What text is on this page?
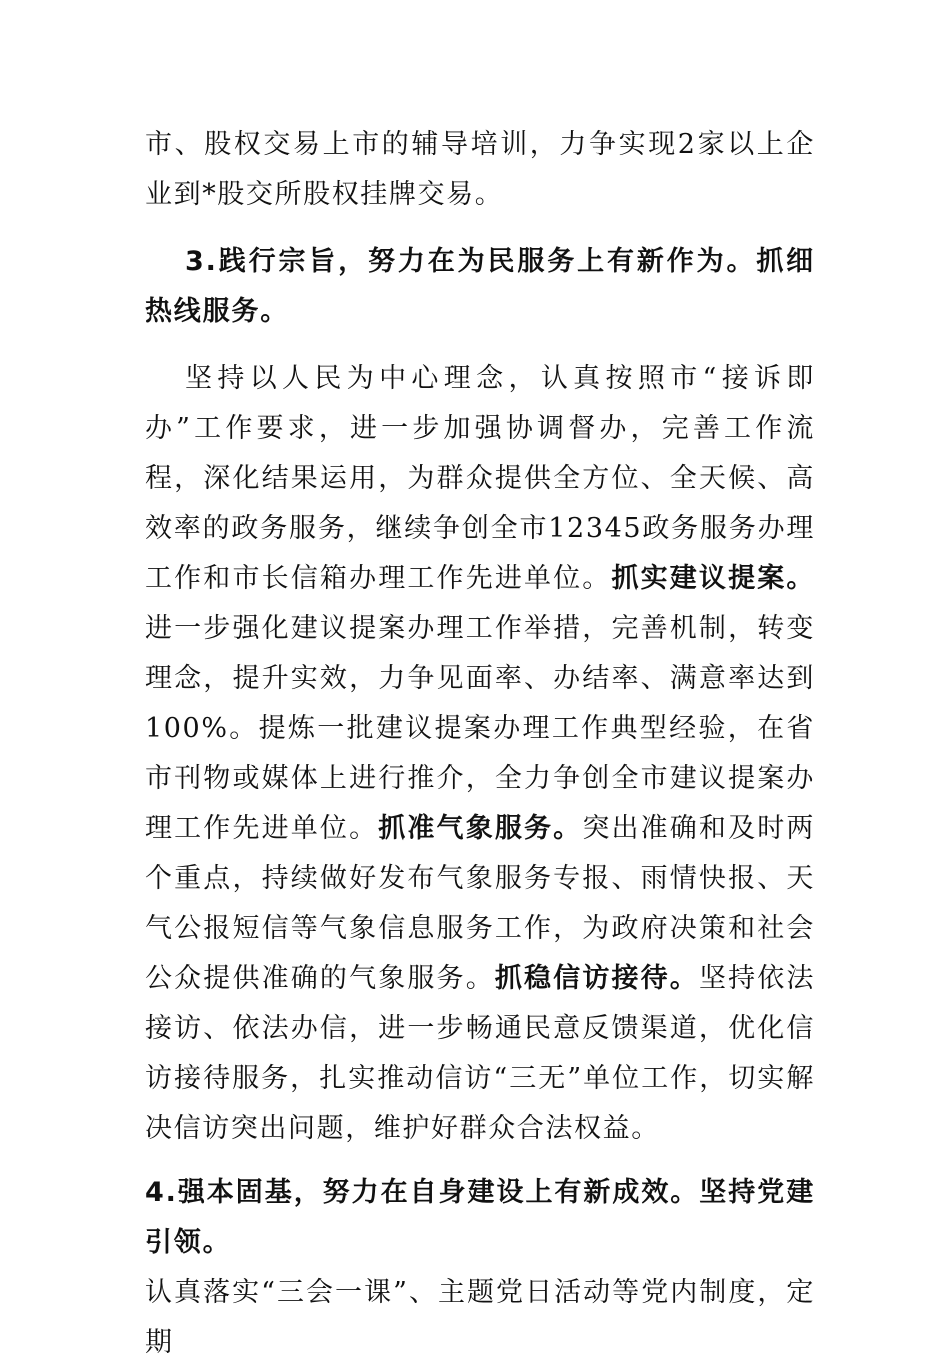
市、股权交易上市的辅导培训，力争实现2家以上企业到*股交所股权挂牌交易。

3.践行宗旨，努力在为民服务上有新作为。抓细热线服务。

坚持以人民为中心理念，认真按照市“接诉即办”工作要求，进一步加强协调督办，完善工作流程，深化结果运用，为群众提供全方位、全天候、高效率的政务服务，继续争创全市12345政务服务办理工作和市长信箱办理工作先进单位。抓实建议提案。进一步强化建议提案办理工作举措，完善机制，转变理念，提升实效，力争见面率、办结率、满意率达到100%。提炼一批建议提案办理工作典型经验，在省市刊物或媒体上进行推介，全力争创全市建议提案办理工作先进单位。抓准气象服务。突出准确和及时两个重点，持续做好发布气象服务专报、雨情快报、天气公报短信等气象信息服务工作，为政府决策和社会公众提供准确的气象服务。抓稳信访接待。坚持依法接访、依法办信，进一步畅通民意反馈渠道，优化信访接待服务，扎实推动信访“三无”单位工作，切实解决信访突出问题，维护好群众合法权益。

4.强本固基，努力在自身建设上有新成效。坚持党建引领。

认真落实“三会一课”、主题党日活动等党内制度，定期
